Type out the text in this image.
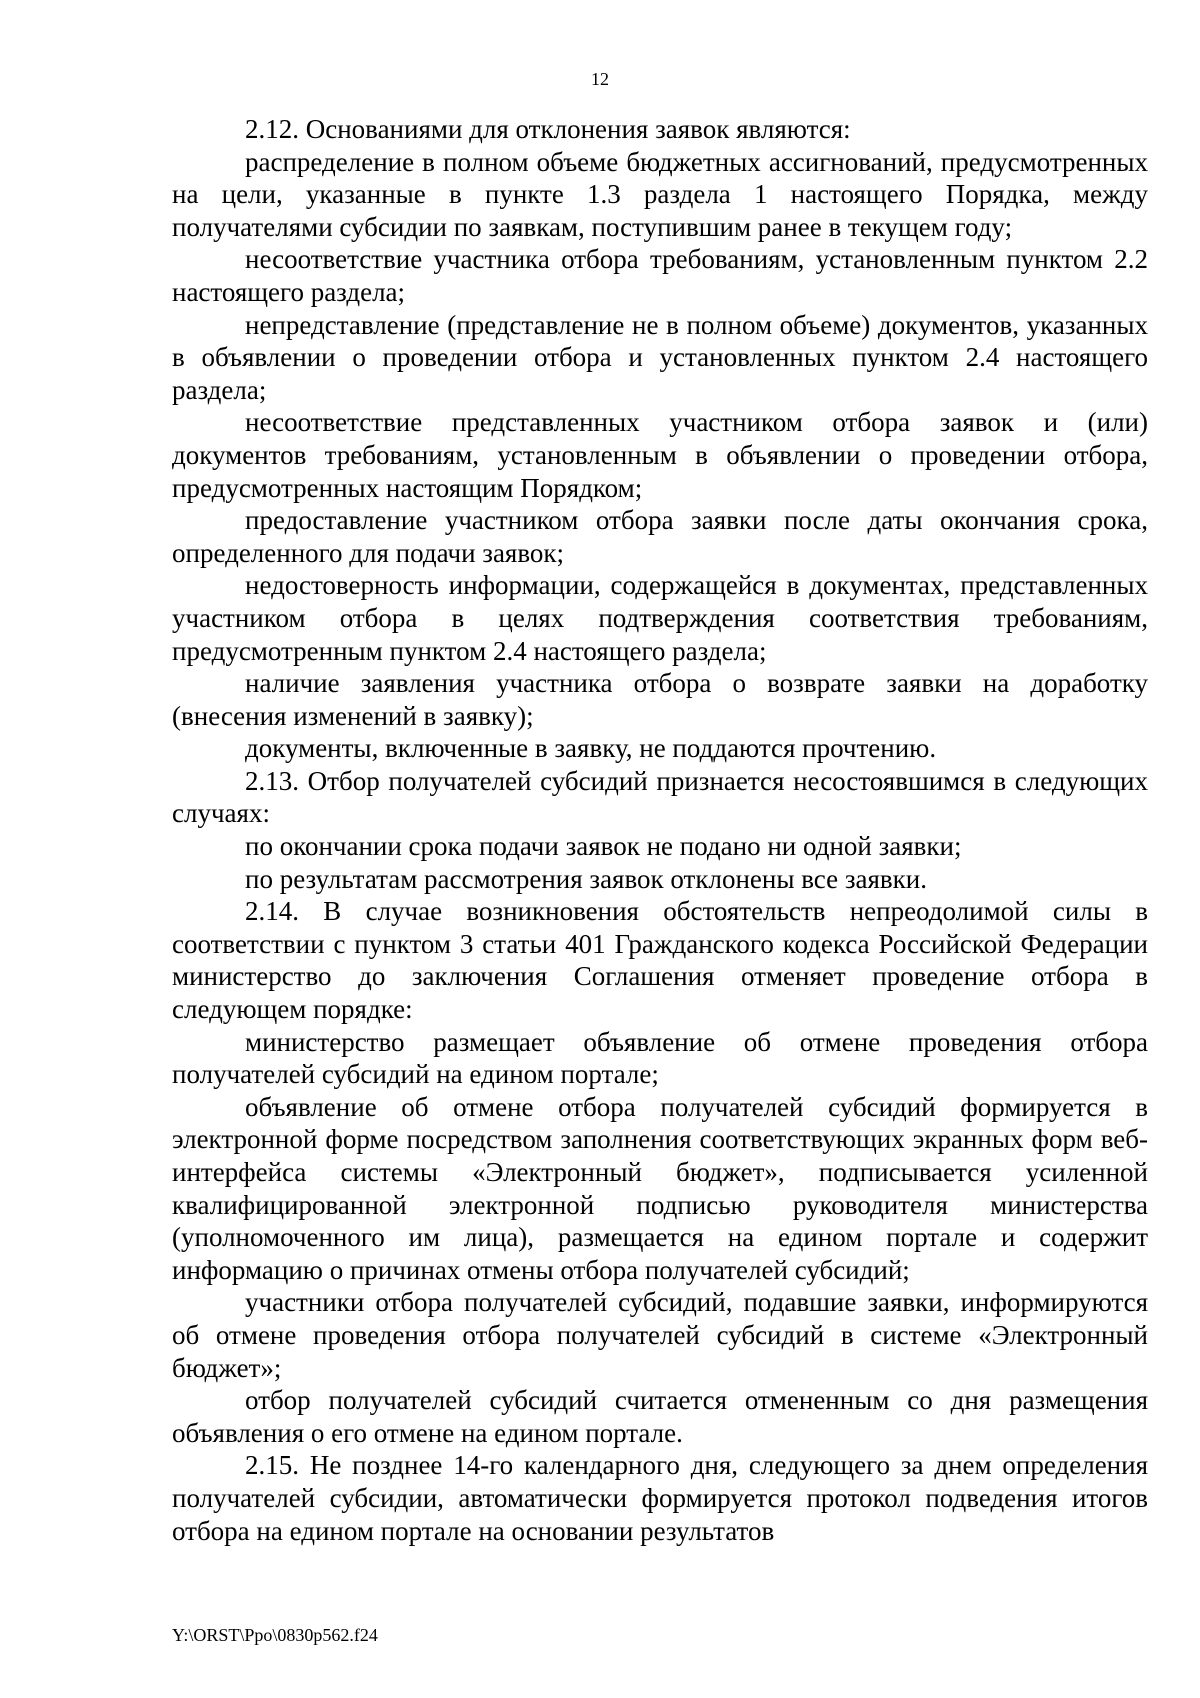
12

2.12. Основаниями для отклонения заявок являются:

распределение в полном объеме бюджетных ассигнований, предусмотренных на цели, указанные в пункте 1.3 раздела 1 настоящего Порядка, между получателями субсидии по заявкам, поступившим ранее в текущем году;

несоответствие участника отбора требованиям, установленным пунктом 2.2 настоящего раздела;

непредставление (представление не в полном объеме) документов, указанных в объявлении о проведении отбора и установленных пунктом 2.4 настоящего раздела;

несоответствие представленных участником отбора заявок и (или) документов требованиям, установленным в объявлении о проведении отбора, предусмотренных настоящим Порядком;

предоставление участником отбора заявки после даты окончания срока, определенного для подачи заявок;

недостоверность информации, содержащейся в документах, представленных участником отбора в целях подтверждения соответствия требованиям, предусмотренным пунктом 2.4 настоящего раздела;

наличие заявления участника отбора о возврате заявки на доработку (внесения изменений в заявку);

документы, включенные в заявку, не поддаются прочтению.

2.13. Отбор получателей субсидий признается несостоявшимся в следующих случаях:

по окончании срока подачи заявок не подано ни одной заявки;

по результатам рассмотрения заявок отклонены все заявки.

2.14. В случае возникновения обстоятельств непреодолимой силы в соответствии с пунктом 3 статьи 401 Гражданского кодекса Российской Федерации министерство до заключения Соглашения отменяет проведение отбора в следующем порядке:

министерство размещает объявление об отмене проведения отбора получателей субсидий на едином портале;

объявление об отмене отбора получателей субсидий формируется в электронной форме посредством заполнения соответствующих экранных форм веб-интерфейса системы «Электронный бюджет», подписывается усиленной квалифицированной электронной подписью руководителя министерства (уполномоченного им лица), размещается на едином портале и содержит информацию о причинах отмены отбора получателей субсидий;

участники отбора получателей субсидий, подавшие заявки, информируются об отмене проведения отбора получателей субсидий в системе «Электронный бюджет»;

отбор получателей субсидий считается отмененным со дня размещения объявления о его отмене на едином портале.

2.15. Не позднее 14-го календарного дня, следующего за днем определения получателей субсидии, автоматически формируется протокол подведения итогов отбора на едином портале на основании результатов

Y:\ORST\Ppo\0830p562.f24
